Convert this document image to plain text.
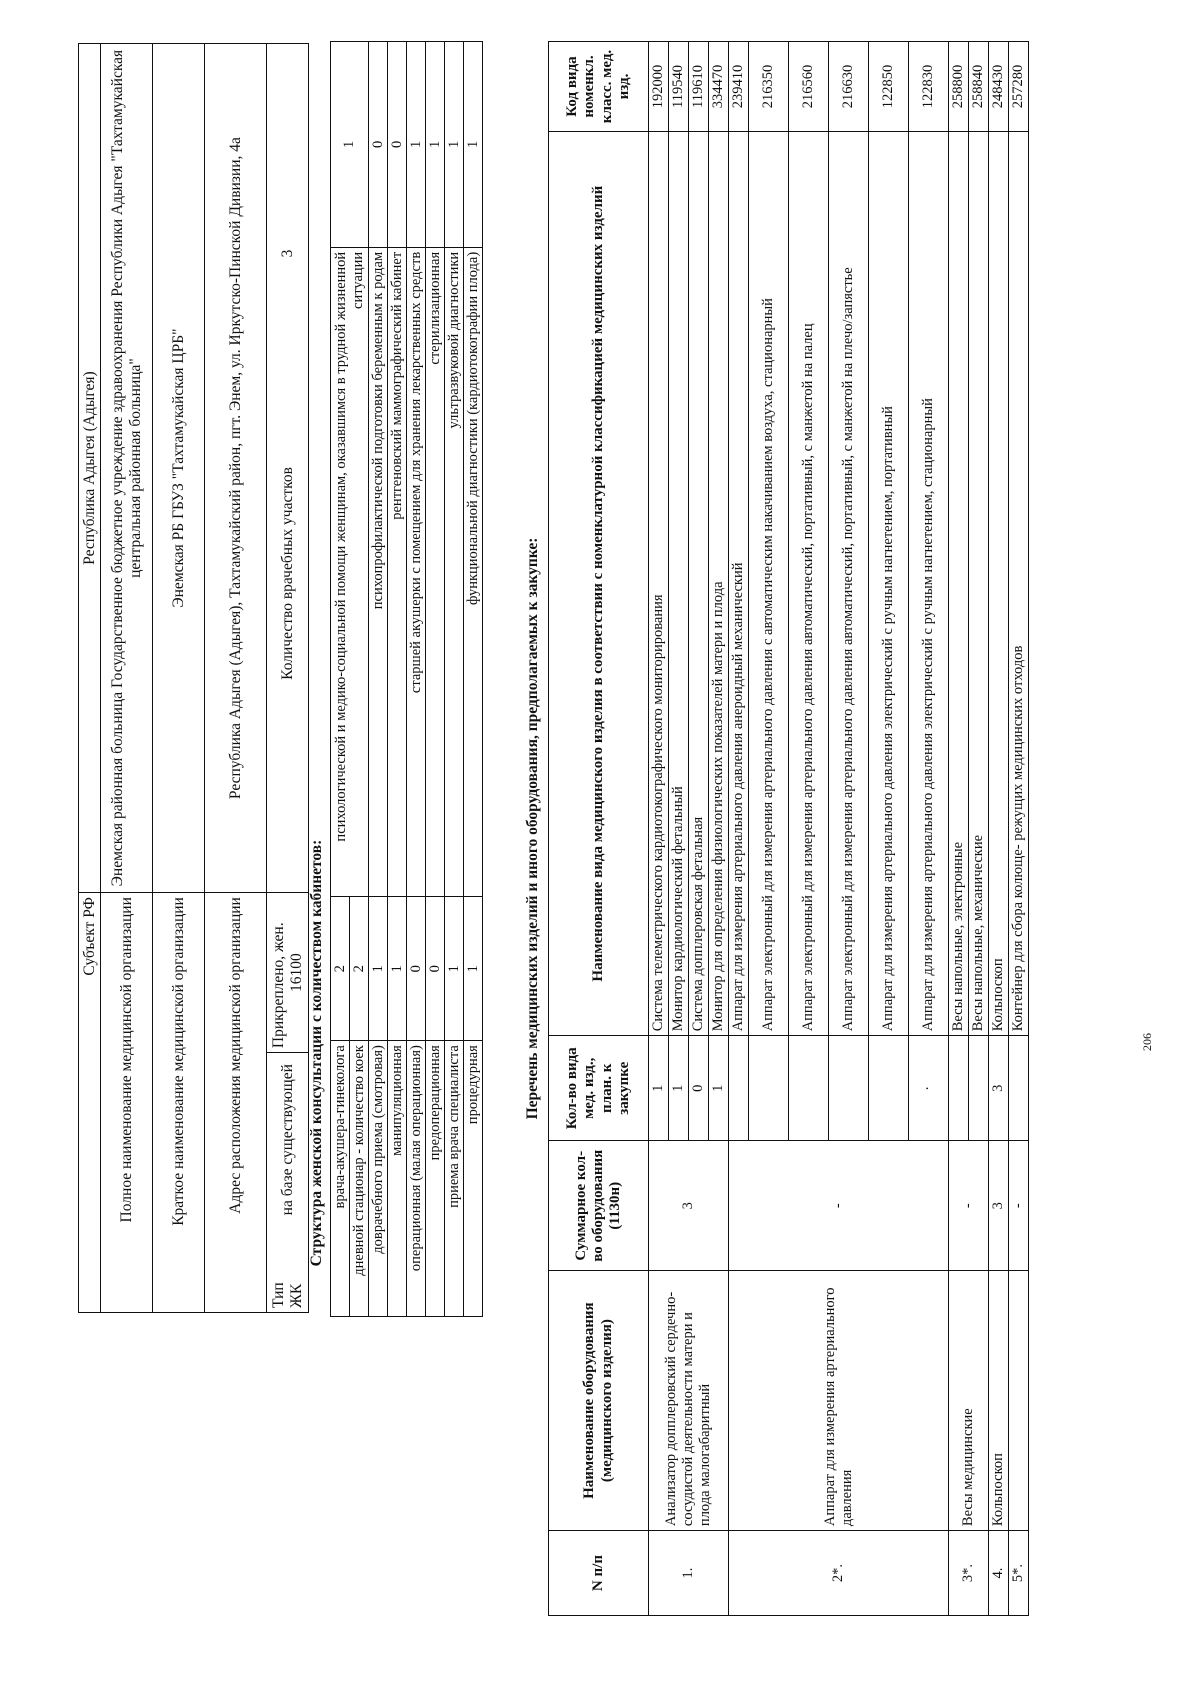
Субъект РФ		Республика Адыгея (Адыгея)	
Полное наименование медицинской организации		Энемская районная больница Государственное бюджетное учреждение здравоохранения Республики Адыгея "Тахтамукайская центральная районная больница"	
Краткое наименование медицинской организации		Энемская РБ ГБУЗ "Тахтамукайская ЦРБ"	
Адрес расположения медицинской организации		Республика Адыгея (Адыгея), Тахтамукайский район, пгт. Энем, ул. Иркутско-Пинской Дивизии, 4а	
Тип ЖК на базе существующей	Прикреплено, жен. 16100	Количество врачебных участков	3
Структура женской консультации с количеством кабинетов: врача-акушера-гинеколога	2	психологической и медико-социальной помощи женщинам, оказавшимся в трудной жизненной ситуации	1
дневной стационар - количество коек	2		
доврачебного приема (смотровая)	1	психопрофилактической подготовки беременным к родам	0
манипуляционная	1	рентгеновский маммографический кабинет	0
операционная (малая операционная)	0	старшей акушерки с помещением для хранения лекарственных средств	1
предоперационная	0	стерилизационная	1
приема врача специалиста	1	ультразвуковой диагностики	1
процедурная	1	функциональной диагностики (кардиотокографии плода)	1
Перечень медицинских изделий и иного оборудования, предполагаемых к закупке:
N п/п	Наименование оборудования (медицинского изделия)	Суммарное кол-во оборудования (1130н)	Кол-во вида мед. изд., план. к закупке	Наименование вида медицинского изделия в соответствии с номенклатурной классификацией медицинских изделий	Код вида номенкл. класс. мед. изд.
1.	Анализатор допплеровский сердечно- сосудистой деятельности матери и плода малогабаритный	3	1	Система телеметрического кардиотокографического мониторирования	192000
			1	Монитор кардиологический фетальный	119540
			0	Система допплеровская фетальная	119610
			1	Монитор для определения физиологических показателей матери и плода	334470
2*.	Аппарат для измерения артериального давления	-		Аппарат для измерения артериального давления анероидный механический	239410
				Аппарат электронный для измерения артериального давления с автоматическим накачиванием воздуха, стационарный	216350
				Аппарат электронный для измерения артериального давления автоматический, портативный, с манжетой на палец	216560
				Аппарат электронный для измерения артериального давления автоматический, портативный, с манжетой на плечо/запястье	216630
				Аппарат для измерения артериального давления электрический с ручным нагнетением, портативный	122850
			·	Аппарат для измерения артериального давления электрический с ручным нагнетением, стационарный	122830
3*.	Весы медицинские	-		Весы напольные, электронные	258800
				Весы напольные, механические	258840
4.	Кольпоскоп	3	3	Кольпоскоп	248430
5*.		-		Контейнер для сбора колюще- режущих медицинских отходов	257280
206
